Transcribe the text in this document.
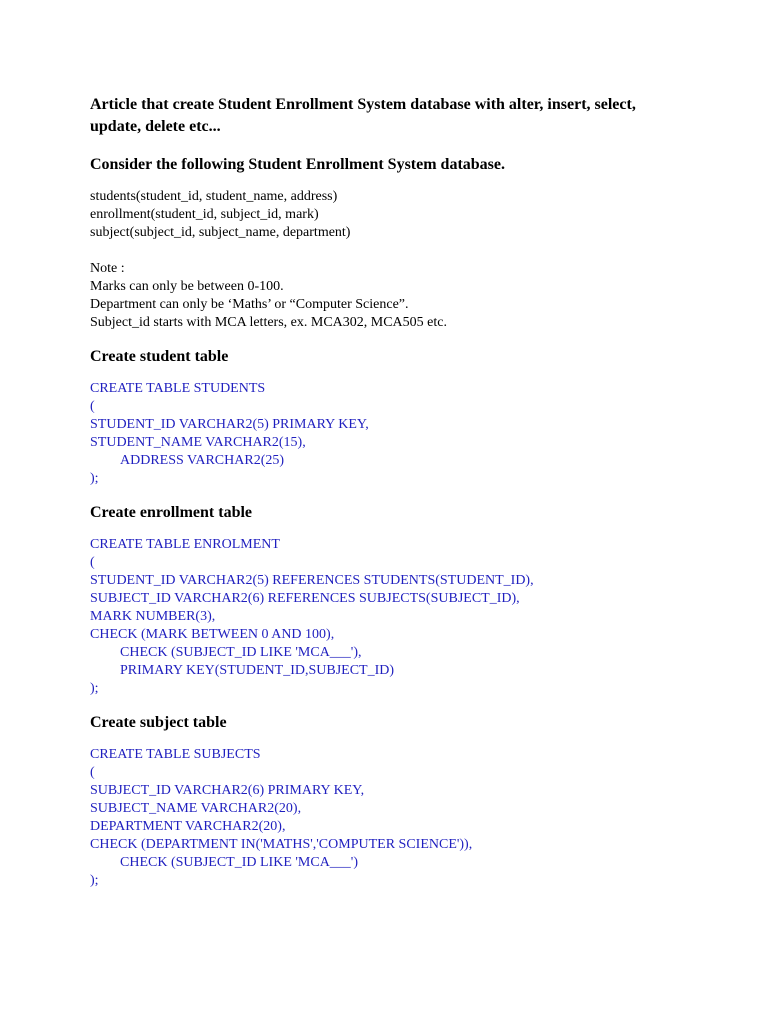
Article that create Student Enrollment System database with alter, insert, select, update, delete etc...

Consider the following Student Enrollment System database.

students(student_id, student_name, address)

enrollment(student_id, subject_id, mark)

subject(subject_id, subject_name, department)

Note :

Marks can only be between 0-100.

Department can only be ‘Maths’ or “Computer Science”.

Subject_id starts with MCA letters, ex. MCA302, MCA505 etc.

Create student table

CREATE TABLE STUDENTS

(

STUDENT_ID VARCHAR2(5) PRIMARY KEY,

STUDENT_NAME VARCHAR2(15),

ADDRESS VARCHAR2(25)

);

Create enrollment table

CREATE TABLE ENROLMENT

(

STUDENT_ID VARCHAR2(5) REFERENCES STUDENTS(STUDENT_ID),

SUBJECT_ID VARCHAR2(6) REFERENCES SUBJECTS(SUBJECT_ID),

MARK NUMBER(3),

CHECK (MARK BETWEEN 0 AND 100),

CHECK (SUBJECT_ID LIKE 'MCA___'),

PRIMARY KEY(STUDENT_ID,SUBJECT_ID)

);

Create subject table

CREATE TABLE SUBJECTS

(

SUBJECT_ID VARCHAR2(6) PRIMARY KEY,

SUBJECT_NAME VARCHAR2(20),

DEPARTMENT VARCHAR2(20),

CHECK (DEPARTMENT IN('MATHS','COMPUTER SCIENCE')),

CHECK (SUBJECT_ID LIKE 'MCA___')

);
